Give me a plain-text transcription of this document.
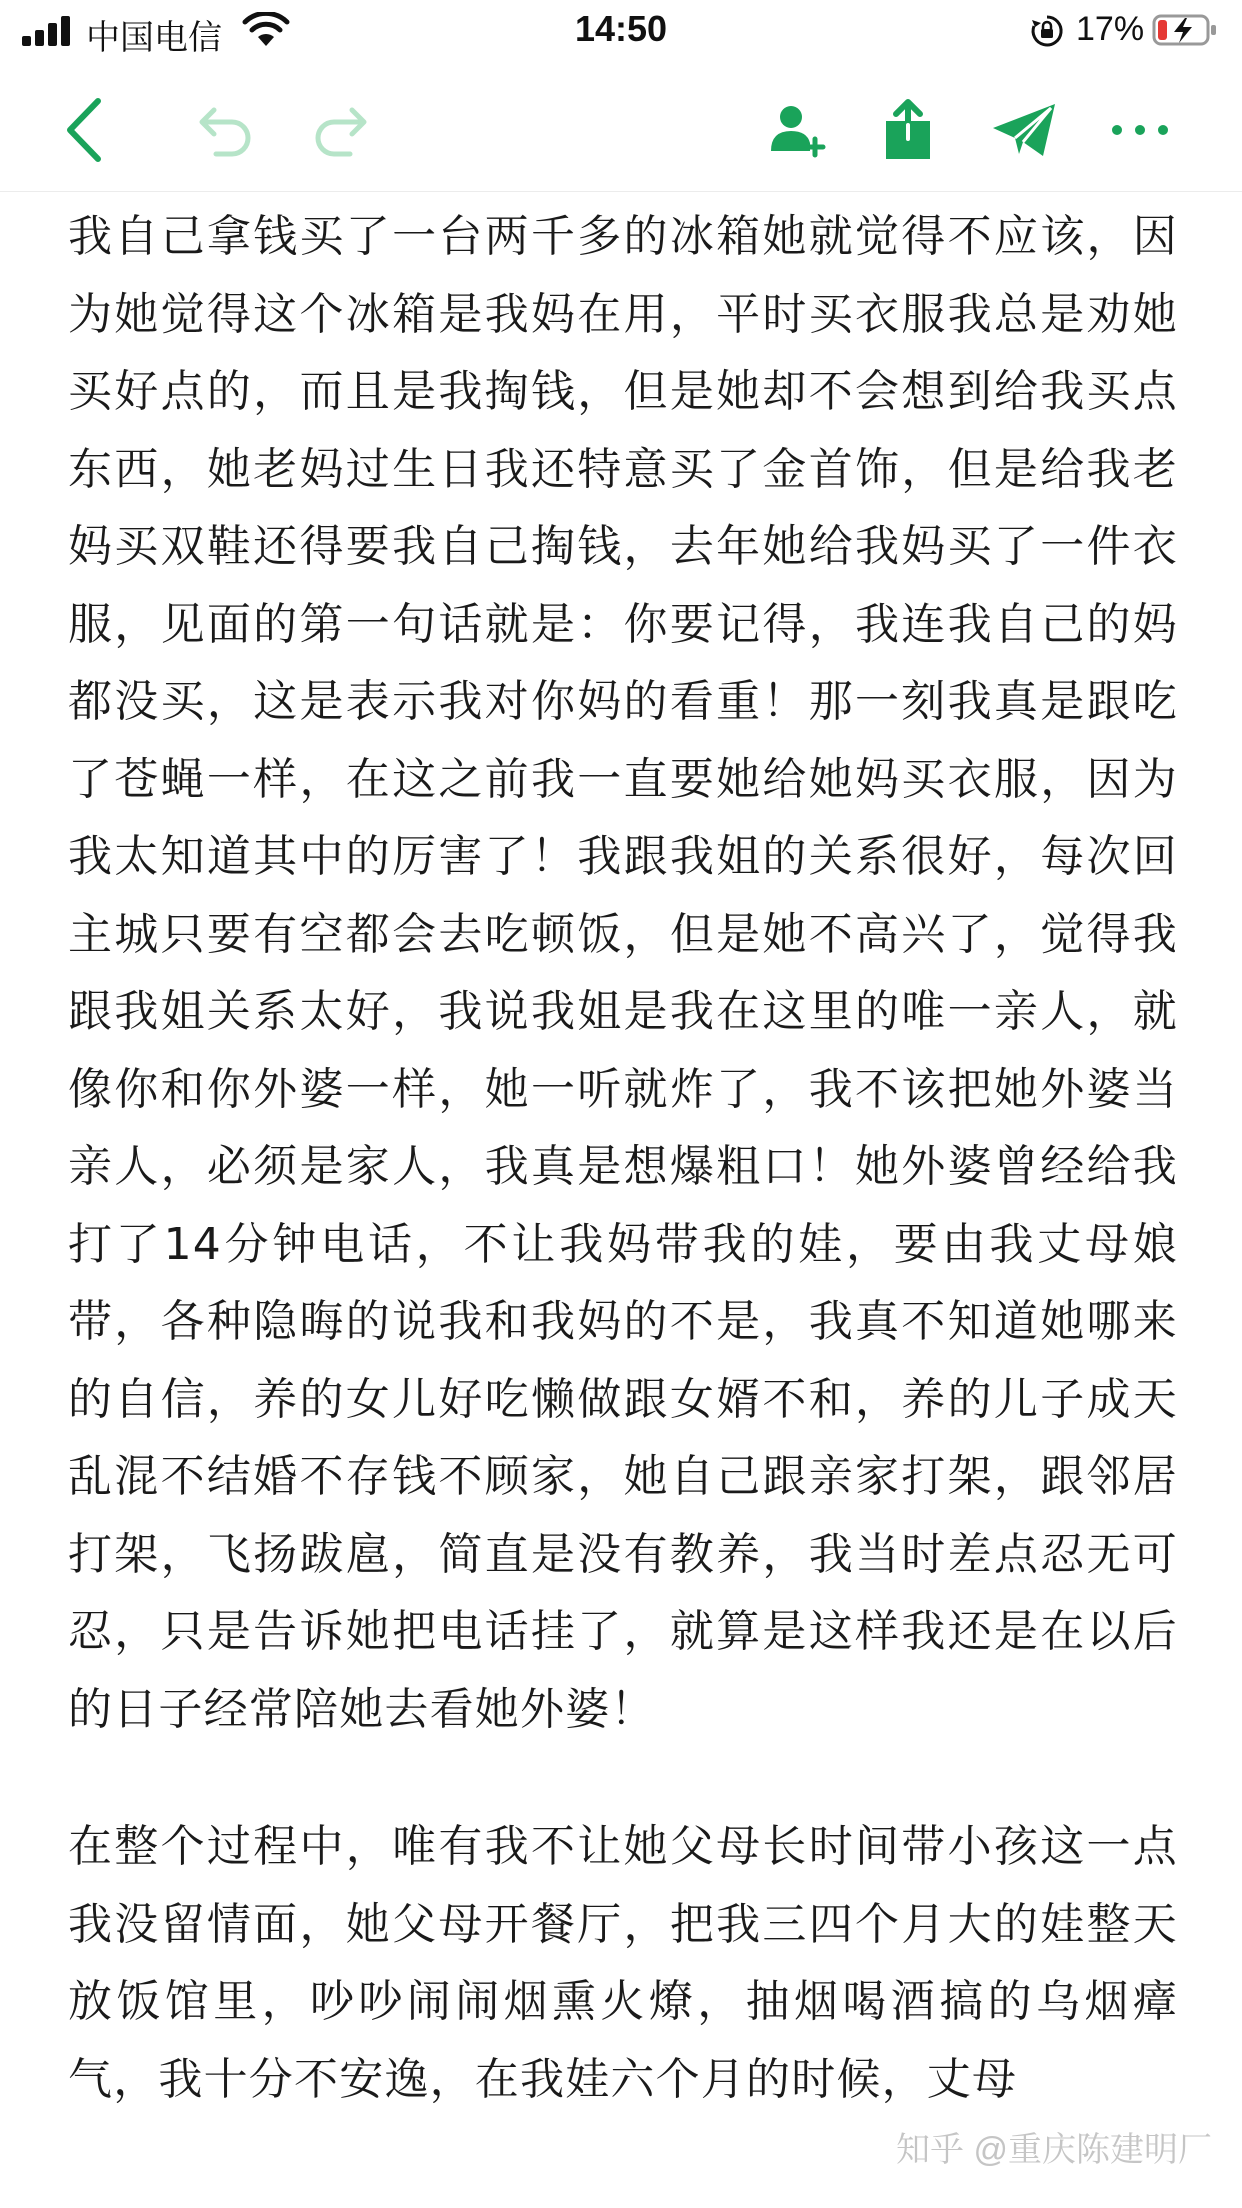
中国电信	14:50	17%

我自己拿钱买了一台两千多的冰箱她就觉得不应该，因为她觉得这个冰箱是我妈在用，平时买衣服我总是劝她买好点的，而且是我掏钱，但是她却不会想到给我买点东西，她老妈过生日我还特意买了金首饰，但是给我老妈买双鞋还得要我自己掏钱，去年她给我妈买了一件衣服，见面的第一句话就是：你要记得，我连我自己的妈都没买，这是表示我对你妈的看重！那一刻我真是跟吃了苍蝇一样，在这之前我一直要她给她妈买衣服，因为我太知道其中的厉害了！我跟我姐的关系很好，每次回主城只要有空都会去吃顿饭，但是她不高兴了，觉得我跟我姐关系太好，我说我姐是我在这里的唯一亲人，就像你和你外婆一样，她一听就炸了，我不该把她外婆当亲人，必须是家人，我真是想爆粗口！她外婆曾经给我打了14分钟电话，不让我妈带我的娃，要由我丈母娘带，各种隐晦的说我和我妈的不是，我真不知道她哪来的自信，养的女儿好吃懒做跟女婿不和，养的儿子成天乱混不结婚不存钱不顾家，她自己跟亲家打架，跟邻居打架，飞扬跋扈，简直是没有教养，我当时差点忍无可忍，只是告诉她把电话挂了，就算是这样我还是在以后的日子经常陪她去看她外婆！

在整个过程中，唯有我不让她父母长时间带小孩这一点我没留情面，她父母开餐厅，把我三四个月大的娃整天放饭馆里，吵吵闹闹烟熏火燎，抽烟喝酒搞的乌烟瘴气，我十分不安逸，在我娃六个月的时候，丈母

知乎 @重庆陈建明厂
